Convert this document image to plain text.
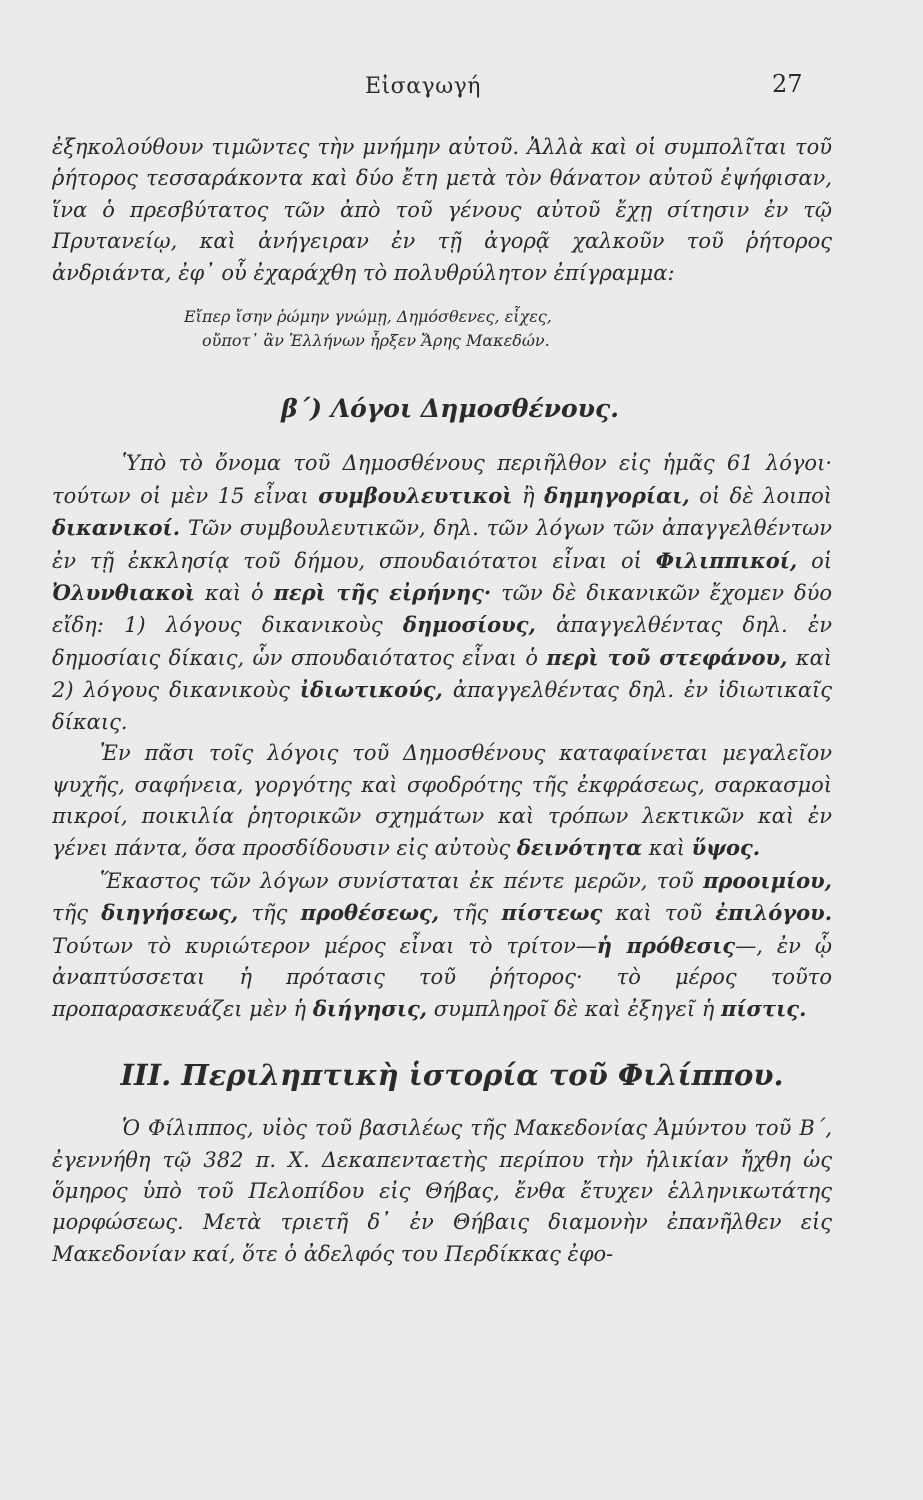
Εἰσαγωγή	27

ἐξηκολούθουν τιμῶντες τὴν μνήμην αὐτοῦ. Ἀλλὰ καὶ οἱ συμπολῖται τοῦ ῥήτορος τεσσαράκοντα καὶ δύο ἔτη μετὰ τὸν θάνατον αὐτοῦ ἐψήφισαν, ἵνα ὁ πρεσβύτατος τῶν ἀπὸ τοῦ γένους αὐτοῦ ἔχῃ σίτησιν ἐν τῷ Πρυτανείῳ, καὶ ἀνήγειραν ἐν τῇ ἀγορᾷ χαλκοῦν τοῦ ῥήτορος ἀνδριάντα, ἐφ᾽ οὗ ἐχαράχθη τὸ πολυθρύλητον ἐπίγραμμα:

Εἴπερ ἴσην ῥώμην γνώμῃ, Δημόσθενες, εἶχες,
οὔποτ᾽ ἂν Ἑλλήνων ἦρξεν Ἄρης Μακεδών.
β´) Λόγοι Δημοσθένους.

Ὑπὸ τὸ ὄνομα τοῦ Δημοσθένους περιῆλθον εἰς ἡμᾶς 61 λόγοι· τούτων οἱ μὲν 15 εἶναι συμβουλευτικοὶ ἢ δημηγορίαι, οἱ δὲ λοιποὶ δικανικοί. Τῶν συμβουλευτικῶν, δηλ. τῶν λόγων τῶν ἀπαγγελθέντων ἐν τῇ ἐκκλησίᾳ τοῦ δήμου, σπουδαιότατοι εἶναι οἱ Φιλιππικοί, οἱ Ὀλυνθιακοὶ καὶ ὁ περὶ τῆς εἰρήνης· τῶν δὲ δικανικῶν ἔχομεν δύο εἴδη: 1) λόγους δικανικοὺς δημοσίους, ἀπαγγελθέντας δηλ. ἐν δημοσίαις δίκαις, ὧν σπουδαιότατος εἶναι ὁ περὶ τοῦ στεφάνου, καὶ 2) λόγους δικανικοὺς ἰδιωτικούς, ἀπαγγελθέντας δηλ. ἐν ἰδιωτικαῖς δίκαις.

Ἐν πᾶσι τοῖς λόγοις τοῦ Δημοσθένους καταφαίνεται μεγαλεῖον ψυχῆς, σαφήνεια, γοργότης καὶ σφοδρότης τῆς ἐκφράσεως, σαρκασμοὶ πικροί, ποικιλία ῥητορικῶν σχημάτων καὶ τρόπων λεκτικῶν καὶ ἐν γένει πάντα, ὅσα προσδίδουσιν εἰς αὐτοὺς δεινότητα καὶ ὕψος.

Ἕκαστος τῶν λόγων συνίσταται ἐκ πέντε μερῶν, τοῦ προοιμίου, τῆς διηγήσεως, τῆς προθέσεως, τῆς πίστεως καὶ τοῦ ἐπιλόγου. Τούτων τὸ κυριώτερον μέρος εἶναι τὸ τρίτον—ἡ πρόθεσις—, ἐν ᾧ ἀναπτύσσεται ἡ πρότασις τοῦ ῥήτορος· τὸ μέρος τοῦτο προπαρασκευάζει μὲν ἡ διήγησις, συμπληροῖ δὲ καὶ ἐξηγεῖ ἡ πίστις.

III. Περιληπτικὴ ἱστορία τοῦ Φιλίππου.

Ὁ Φίλιππος, υἱὸς τοῦ βασιλέως τῆς Μακεδονίας Ἀμύντου τοῦ Β´, ἐγεννήθη τῷ 382 π. Χ. Δεκαπενταετὴς περίπου τὴν ἡλικίαν ἤχθη ὡς ὅμηρος ὑπὸ τοῦ Πελοπίδου εἰς Θήβας, ἔνθα ἔτυχεν ἑλληνικωτάτης μορφώσεως. Μετὰ τριετῆ δ᾽ ἐν Θήβαις διαμονὴν ἐπανῆλθεν εἰς Μακεδονίαν καί, ὅτε ὁ ἀδελφός του Περδίκκας ἐφο-
